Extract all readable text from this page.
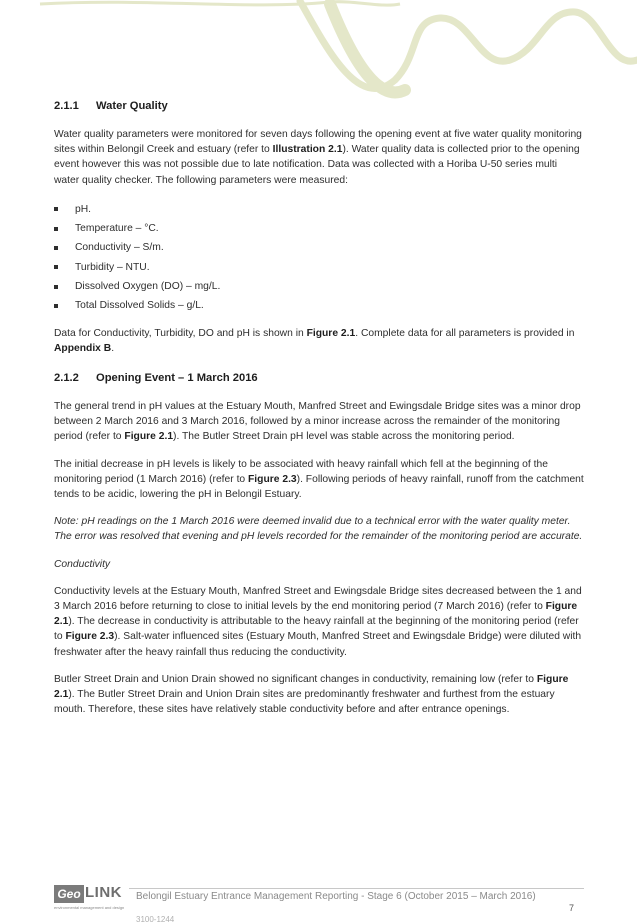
2.1.1	Water Quality

Water quality parameters were monitored for seven days following the opening event at five water quality monitoring sites within Belongil Creek and estuary (refer to Illustration 2.1). Water quality data is collected prior to the opening event however this was not possible due to late notification. Data was collected with a Horiba U-50 series multi water quality checker. The following parameters were measured:

pH.
Temperature – °C.
Conductivity – S/m.
Turbidity – NTU.
Dissolved Oxygen (DO) – mg/L.
Total Dissolved Solids – g/L.

Data for Conductivity, Turbidity, DO and pH is shown in Figure 2.1. Complete data for all parameters is provided in Appendix B.

2.1.2	Opening Event – 1 March 2016

The general trend in pH values at the Estuary Mouth, Manfred Street and Ewingsdale Bridge sites was a minor drop between 2 March 2016 and 3 March 2016, followed by a minor increase across the remainder of the monitoring period (refer to Figure 2.1). The Butler Street Drain pH level was stable across the monitoring period.

The initial decrease in pH levels is likely to be associated with heavy rainfall which fell at the beginning of the monitoring period (1 March 2016) (refer to Figure 2.3). Following periods of heavy rainfall, runoff from the catchment tends to be acidic, lowering the pH in Belongil Estuary.

Note: pH readings on the 1 March 2016 were deemed invalid due to a technical error with the water quality meter. The error was resolved that evening and pH levels recorded for the remainder of the monitoring period are accurate.

Conductivity

Conductivity levels at the Estuary Mouth, Manfred Street and Ewingsdale Bridge sites decreased between the 1 and 3 March 2016 before returning to close to initial levels by the end monitoring period (7 March 2016) (refer to Figure 2.1). The decrease in conductivity is attributable to the heavy rainfall at the beginning of the monitoring period (refer to Figure 2.3). Salt-water influenced sites (Estuary Mouth, Manfred Street and Ewingsdale Bridge) were diluted with freshwater after the heavy rainfall thus reducing the conductivity.

Butler Street Drain and Union Drain showed no significant changes in conductivity, remaining low (refer to Figure 2.1). The Butler Street Drain and Union Drain sites are predominantly freshwater and furthest from the estuary mouth. Therefore, these sites have relatively stable conductivity before and after entrance openings.

Geo LINK
environmental management and design
Belongil Estuary Entrance Management Reporting - Stage 6 (October 2015 – March 2016)
3100-1244
7
